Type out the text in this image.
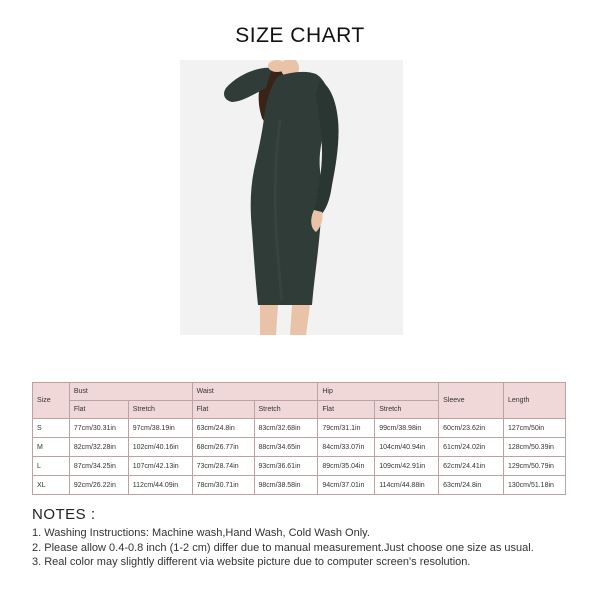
SIZE CHART
Size	Bust		Waist		Hip		Sleeve	Length
	Flat	Stretch	Flat	Stretch	Flat	Stretch		
S	77cm/30.31in	97cm/38.19in	63cm/24.8in	83cm/32.68in	79cm/31.1in	99cm/38.98in	60cm/23.62in	127cm/50in
M	82cm/32.28in	102cm/40.16in	68cm/26.77in	88cm/34.65in	84cm/33.07in	104cm/40.94in	61cm/24.02in	128cm/50.39in
L	87cm/34.25in	107cm/42.13in	73cm/28.74in	93cm/36.61in	89cm/35.04in	109cm/42.91in	62cm/24.41in	129cm/50.79in
XL	92cm/26.22in	112cm/44.09in	78cm/30.71in	98cm/38.58in	94cm/37.01in	114cm/44.88in	63cm/24.8in	130cm/51.18in
NOTES :
1. Washing Instructions: Machine wash,Hand Wash, Cold Wash Only.
2. Please allow 0.4-0.8 inch (1-2 cm) differ due to manual measurement.Just choose one size as usual.
3. Real color may slightly different via website picture due to computer screen's resolution.
